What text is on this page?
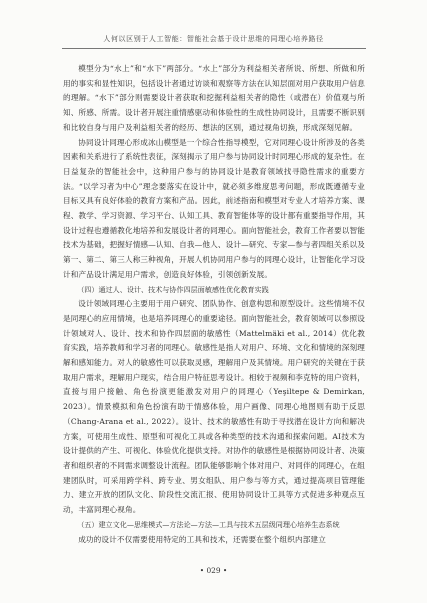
人何以区别于人工智能：智能社会基于设计思维的同理心培养路径

模型分为“水上”和“水下”两部分。“水上”部分为利益相关者所说、所想、所做和所用的事实和显性知识，包括设计者通过访谈和观察等方法在认知层面对用户获取用户信息的理解。“水下”部分则需要设计者获取和挖掘利益相关者的隐性（或潜在）价值观与所知、所感、所需。设计者开展注重情感驱动和体验性的生成性协同设计，且需要不断识别和比较自身与用户及利益相关者的经历、想法的区别，通过视角切换，形成深刻见解。

协同设计同理心形成冰山模型是一个综合性指导模型，它对同理心设计所涉及的各类因素和关系进行了系统性表征，深刻揭示了用户参与协同设计时同理心形成的复杂性。在日益复杂的智能社会中，这种用户参与的协同设计是教育领域找寻隐性需求的重要方法。“以学习者为中心”理念要落实在设计中，就必须多维度思考问题，形成既遵循专业目标又具有良好体验的教育方案和产品。因此，前述指南和模型对专业人才培养方案、课程、教学、学习资源、学习平台、认知工具、教育智能体等的设计都有重要指导作用，其设计过程也遵循教化地培养和发展设计者的同理心。面向智能社会，教育工作者要以智能技术为基础，把握好情感—认知、自我—他人、设计—研究、专家—参与者四组关系以及第一、第二、第三人称三种视角，开展人机协同用户参与的同理心设计，让智能化学习设计和产品设计满足用户需求，创造良好体验，引领创新发展。

（四）通过人、设计、技术与协作四层面敏感性优化教育实践

设计领域同理心主要用于用户研究、团队协作、创意构思和原型设计。这些情境不仅是同理心的应用情境，也是培养同理心的重要途径。面向智能社会，教育领域可以参照设计领域对人、设计、技术和协作四层面的敏感性（Mattelmäki et al., 2014）优化教育实践，培养教师和学习者的同理心。敏感性是指人对用户、环境、文化和情境的深刻理解和感知能力。对人的敏感性可以获取灵感，理解用户及其情境。用户研究的关键在于获取用户需求，理解用户现实，结合用户特征思考设计。相较于视频和李克特的用户资料，直接与用户接触、角色扮演更能激发对用户的同理心（Yeşiltepe & Demirkan, 2023）。情景模拟和角色扮演有助于情感体验，用户画像、同理心地图则有助于反思（Chang-Arana et al., 2022）。设计、技术的敏感性有助于寻找潜在设计方向和解决方案，可使用生成性、原型和可视化工具或各种类型的技术沟通和探索问题。AI技术为设计提供的产生、可视化、体验优化提供支持。对协作的敏感性是根据协同设计者、决策者和组织者的不同需求调整设计流程。团队能够影响个体对用户、对同伴的同理心，在组建团队时，可采用跨学科、跨专业、男女组队、用户参与等方式，通过提高项目管理能力、建立开放的团队文化、阶段性交流汇报、使用协同设计工具等方式促进多种观点互动，丰富同理心视角。

（五）建立文化—思维模式—方法论—方法—工具与技术五层级同理心培养生态系统

成功的设计不仅需要使用特定的工具和技术，还需要在整个组织内部建立

• 029 •
